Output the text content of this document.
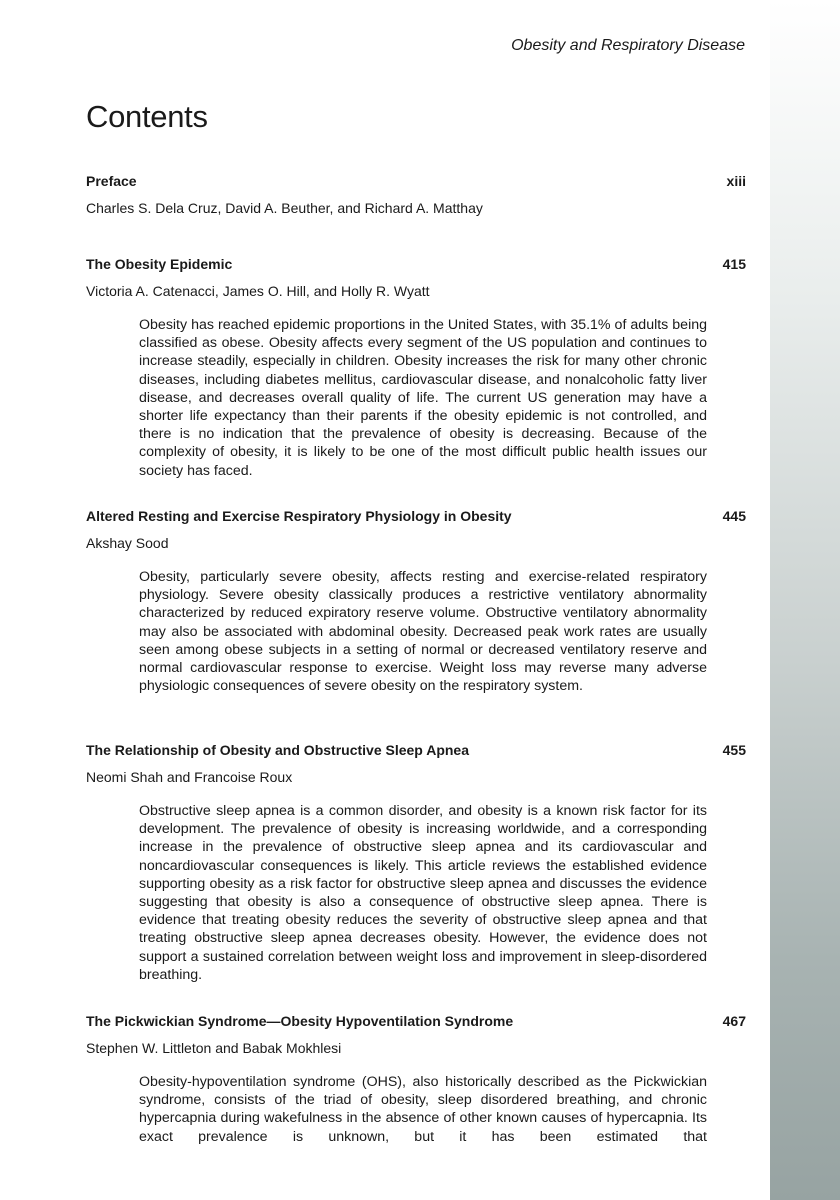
Obesity and Respiratory Disease
Contents
Preface	xiii
Charles S. Dela Cruz, David A. Beuther, and Richard A. Matthay
The Obesity Epidemic	415
Victoria A. Catenacci, James O. Hill, and Holly R. Wyatt

Obesity has reached epidemic proportions in the United States, with 35.1% of adults being classified as obese. Obesity affects every segment of the US population and continues to increase steadily, especially in children. Obesity increases the risk for many other chronic diseases, including diabetes mellitus, cardiovascular disease, and nonalcoholic fatty liver disease, and decreases overall quality of life. The current US generation may have a shorter life expectancy than their parents if the obesity epidemic is not controlled, and there is no indication that the prevalence of obesity is decreasing. Because of the complexity of obesity, it is likely to be one of the most difficult public health issues our society has faced.

Altered Resting and Exercise Respiratory Physiology in Obesity	445
Akshay Sood

Obesity, particularly severe obesity, affects resting and exercise-related respiratory physiology. Severe obesity classically produces a restrictive ventilatory abnormality characterized by reduced expiratory reserve volume. Obstructive ventilatory abnormality may also be associated with abdominal obesity. Decreased peak work rates are usually seen among obese subjects in a setting of normal or decreased ventilatory reserve and normal cardiovascular response to exercise. Weight loss may reverse many adverse physiologic consequences of severe obesity on the respiratory system.

The Relationship of Obesity and Obstructive Sleep Apnea	455
Neomi Shah and Francoise Roux

Obstructive sleep apnea is a common disorder, and obesity is a known risk factor for its development. The prevalence of obesity is increasing worldwide, and a corresponding increase in the prevalence of obstructive sleep apnea and its cardiovascular and noncardiovascular consequences is likely. This article reviews the established evidence supporting obesity as a risk factor for obstructive sleep apnea and discusses the evidence suggesting that obesity is also a consequence of obstructive sleep apnea. There is evidence that treating obesity reduces the severity of obstructive sleep apnea and that treating obstructive sleep apnea decreases obesity. However, the evidence does not support a sustained correlation between weight loss and improvement in sleep-disordered breathing.

The Pickwickian Syndrome—Obesity Hypoventilation Syndrome	467
Stephen W. Littleton and Babak Mokhlesi

Obesity-hypoventilation syndrome (OHS), also historically described as the Pickwickian syndrome, consists of the triad of obesity, sleep disordered breathing, and chronic hypercapnia during wakefulness in the absence of other known causes of hypercapnia. Its exact prevalence is unknown, but it has been estimated that
